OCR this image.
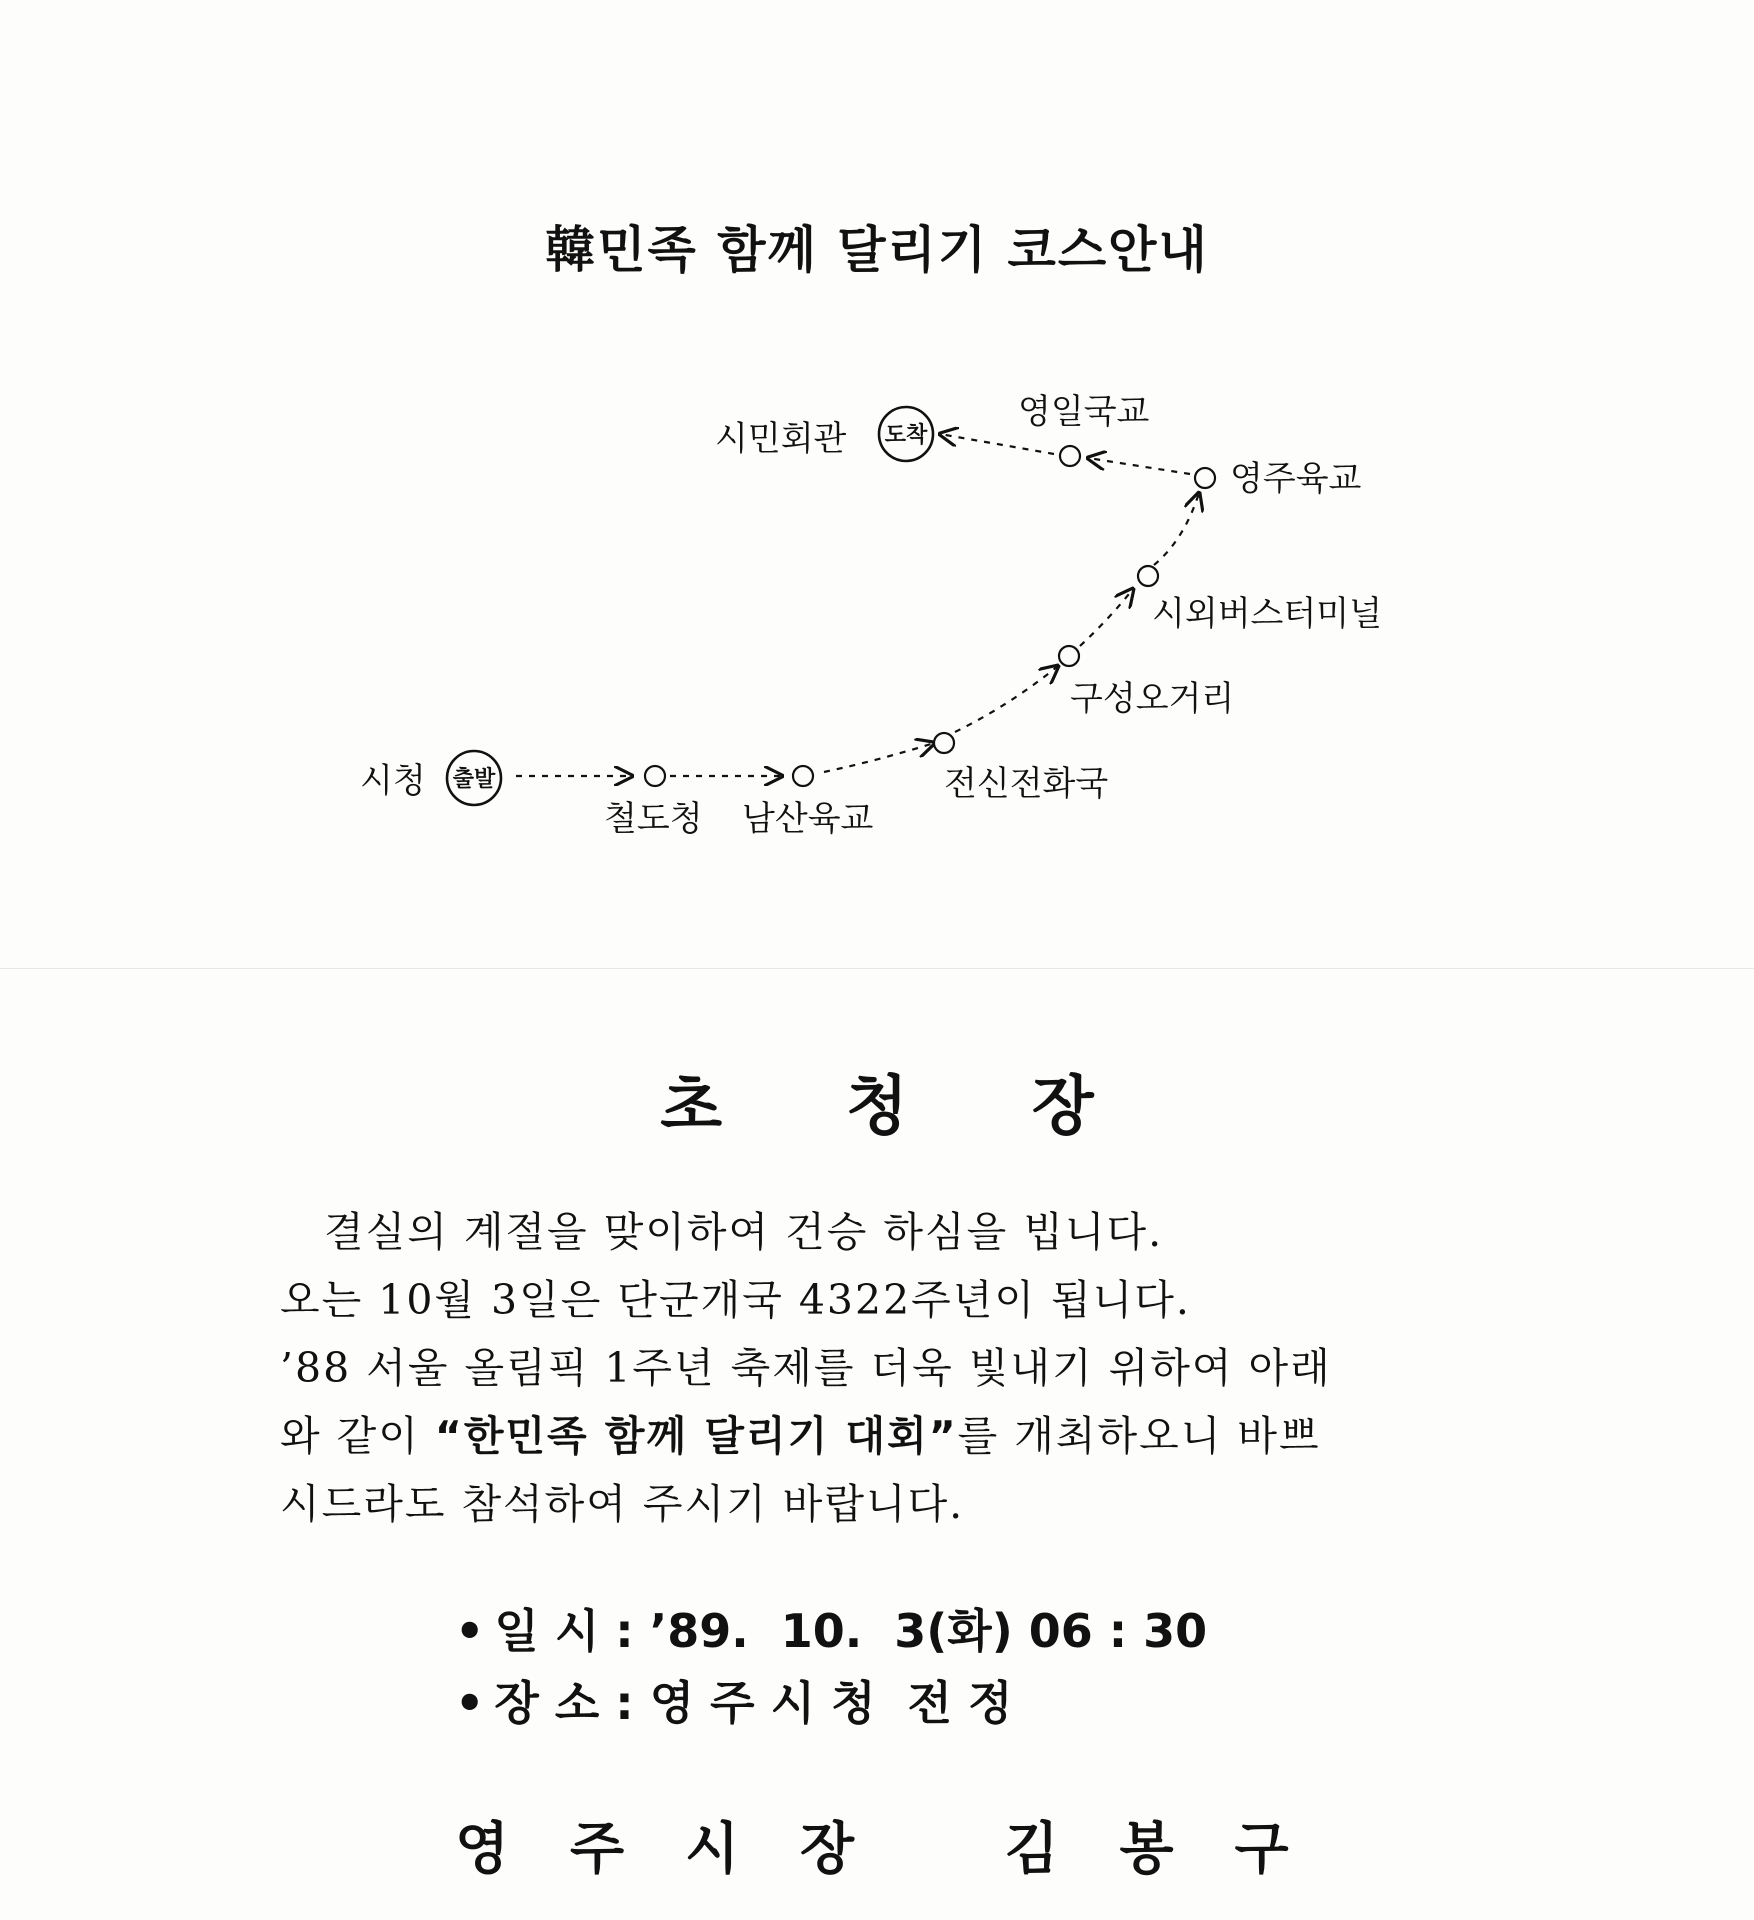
韓민족 함께 달리기 코스안내
출발
도착
시청
철도청 남산육교
전신전화국
구성오거리
시외버스터미널
영주육교
영일국교
시민회관
초 청 장

결실의 계절을 맞이하여 건승 하심을 빕니다.

오는 10월 3일은 단군개국 4322주년이 됩니다.

’88 서울 올림픽 1주년 축제를 더욱 빛내기 위하여 아래

와 같이 “한민족 함께 달리기 대회”를 개최하오니 바쁘

시드라도 참석하여 주시기 바랍니다.

• 일 시 : ’89.  10.  3(화) 06 : 30
• 장 소 : 영 주 시 청  전 정
영 주 시 장	김 봉 구
